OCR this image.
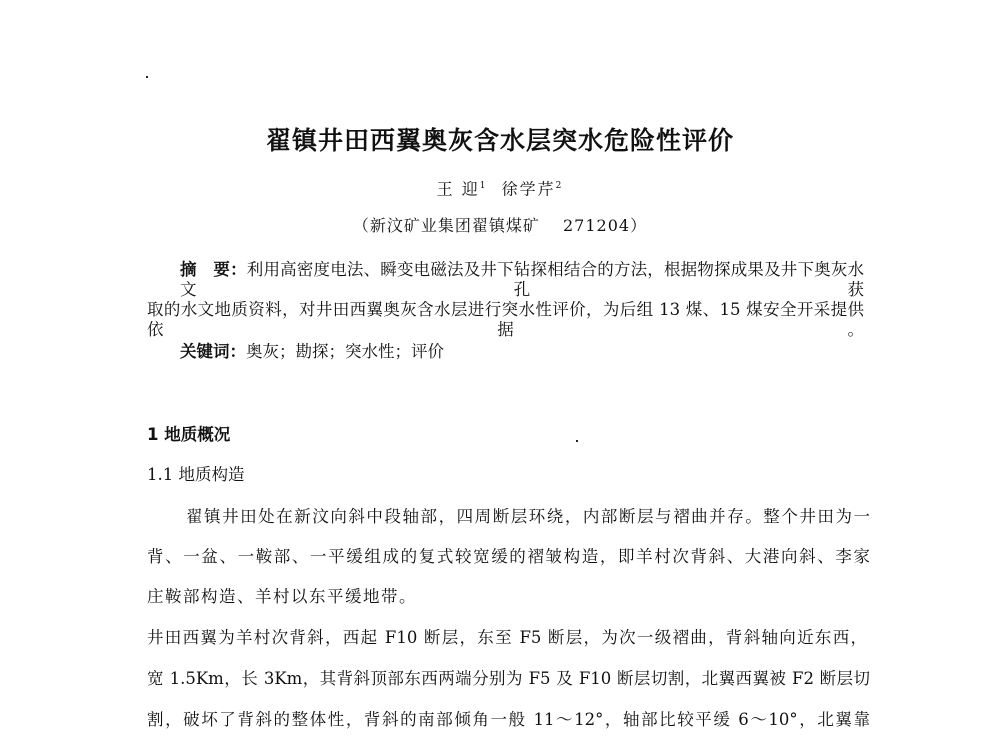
翟镇井田西翼奥灰含水层突水危险性评价
王 迎$^1$ 徐学芹$^2$
（新汶矿业集团翟镇煤矿　 271204）
摘　要：利用高密度电法、瞬变电磁法及井下钻探相结合的方法，根据物探成果及井下奥灰水文孔获
取的水文地质资料，对井田西翼奥灰含水层进行突水性评价，为后组 13 煤、15 煤安全开采提供依据。
关键词：奥灰；勘探；突水性；评价
1 地质概况
1.1 地质构造
翟镇井田处在新汶向斜中段轴部，四周断层环绕，内部断层与褶曲并存。整个井田为一
背、一盆、一鞍部、一平缓组成的复式较宽缓的褶皱构造，即羊村次背斜、大港向斜、李家
庄鞍部构造、羊村以东平缓地带。
井田西翼为羊村次背斜，西起 F10 断层，东至 F5 断层，为次一级褶曲，背斜轴向近东西，
宽 1.5Km，长 3Km，其背斜顶部东西两端分别为 F5 及 F10 断层切割，北翼西翼被 F2 断层切
割，破坏了背斜的整体性，背斜的南部倾角一般 11～12°，轴部比较平缓 6～10°，北翼靠
